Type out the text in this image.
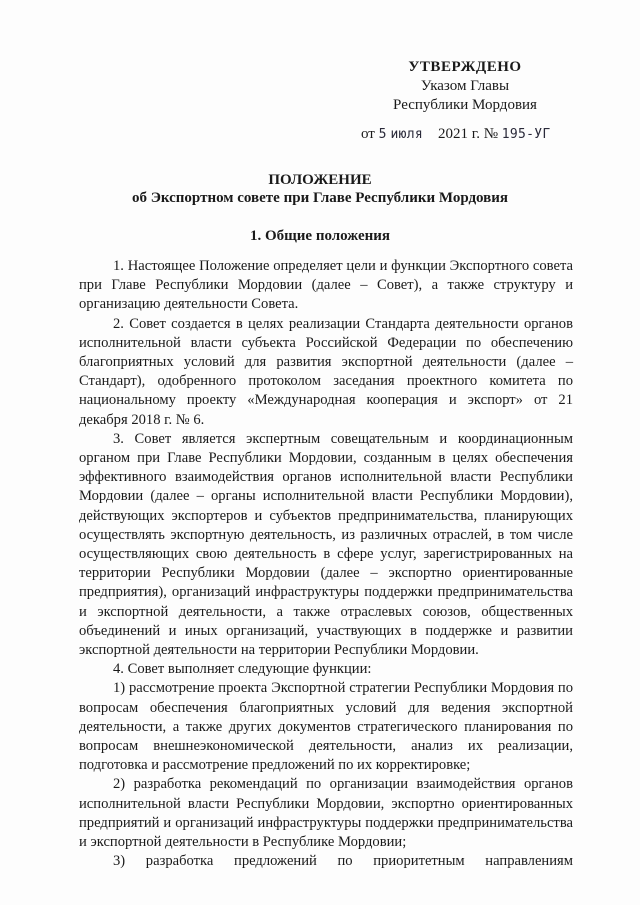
УТВЕРЖДЕНО
Указом Главы
Республики Мордовия
от 5 июля 2021 г. № 195-УГ
ПОЛОЖЕНИЕ
об Экспортном совете при Главе Республики Мордовия
1. Общие положения

1. Настоящее Положение определяет цели и функции Экспортного совета при Главе Республики Мордовии (далее – Совет), а также структуру и организацию деятельности Совета.

2. Совет создается в целях реализации Стандарта деятельности органов исполнительной власти субъекта Российской Федерации по обеспечению благоприятных условий для развития экспортной деятельности (далее – Стандарт), одобренного протоколом заседания проектного комитета по национальному проекту «Международная кооперация и экспорт» от 21 декабря 2018 г. № 6.

3. Совет является экспертным совещательным и координационным органом при Главе Республики Мордовии, созданным в целях обеспечения эффективного взаимодействия органов исполнительной власти Республики Мордовии (далее – органы исполнительной власти Республики Мордовии), действующих экспортеров и субъектов предпринимательства, планирующих осуществлять экспортную деятельность, из различных отраслей, в том числе осуществляющих свою деятельность в сфере услуг, зарегистрированных на территории Республики Мордовии (далее – экспортно ориентированные предприятия), организаций инфраструктуры поддержки предпринимательства и экспортной деятельности, а также отраслевых союзов, общественных объединений и иных организаций, участвующих в поддержке и развитии экспортной деятельности на территории Республики Мордовии.

4. Совет выполняет следующие функции:

1) рассмотрение проекта Экспортной стратегии Республики Мордовия по вопросам обеспечения благоприятных условий для ведения экспортной деятельности, а также других документов стратегического планирования по вопросам внешнеэкономической деятельности, анализ их реализации, подготовка и рассмотрение предложений по их корректировке;

2) разработка рекомендаций по организации взаимодействия органов исполнительной власти Республики Мордовии, экспортно ориентированных предприятий и организаций инфраструктуры поддержки предпринимательства и экспортной деятельности в Республике Мордовии;

3) разработка предложений по приоритетным направлениям
